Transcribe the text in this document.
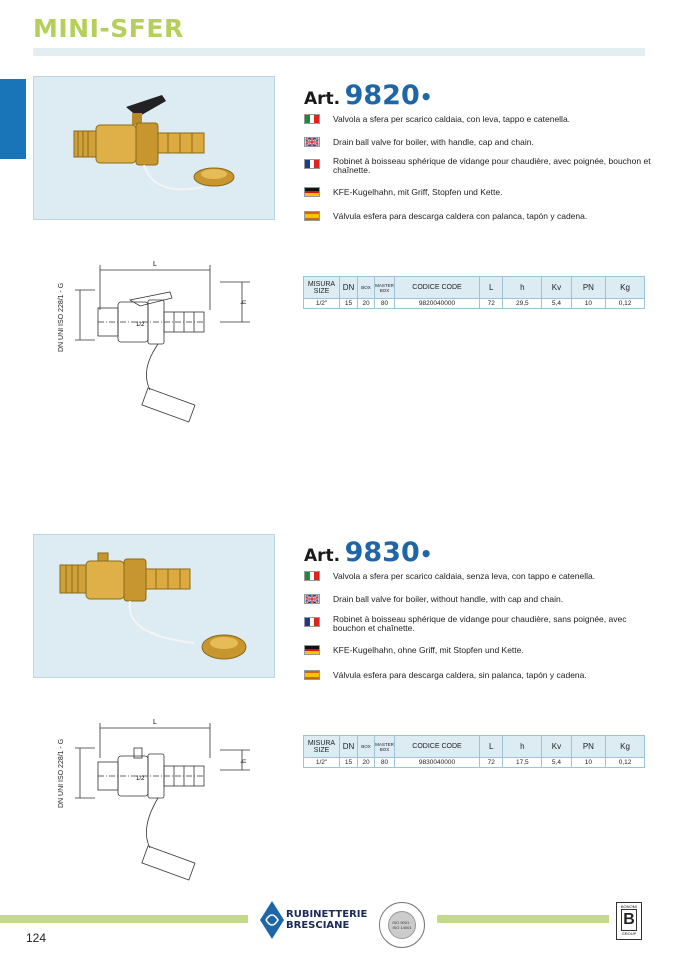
MINI-SFER
Art. 9820•
Valvola a sfera per scarico caldaia, con leva, tappo e catenella.
Drain ball valve for boiler, with handle, cap and chain.
Robinet à boisseau sphérique de vidange pour chaudière, avec poignée, bouchon et chaînette.
KFE-Kugelhahn, mit Griff, Stopfen und Kette.
Válvula esfera para descarga caldera con palanca, tapón y cadena.
DN UNI ISO 228/1 - G
L
h
1/2
MISURA SIZE	DN	BOX	MASTER BOX	CODICE CODE	L	h	Kv	PN	Kg
1/2"	15	20	80	9820040000	72	29,5	5,4	10	0,12
Art. 9830•
Valvola a sfera per scarico caldaia, senza leva, con tappo e catenella.
Drain ball valve for boiler, without handle, with cap and chain.
Robinet à boisseau sphérique de vidange pour chaudière, sans poignée, avec bouchon et chaînette.
KFE-Kugelhahn, ohne Griff, mit Stopfen und Kette.
Válvula esfera para descarga caldera, sin palanca, tapón y cadena.
DN UNI ISO 228/1 - G
L
h
1/2
MISURA SIZE	DN	BOX	MASTER BOX	CODICE CODE	L	h	Kv	PN	Kg
1/2"	15	20	80	9830040000	72	17,5	5,4	10	0,12
RUBINETTERIE
BRESCIANE	ISO 9001 · ISO 14001
BONOMI
B
GROUP
124
